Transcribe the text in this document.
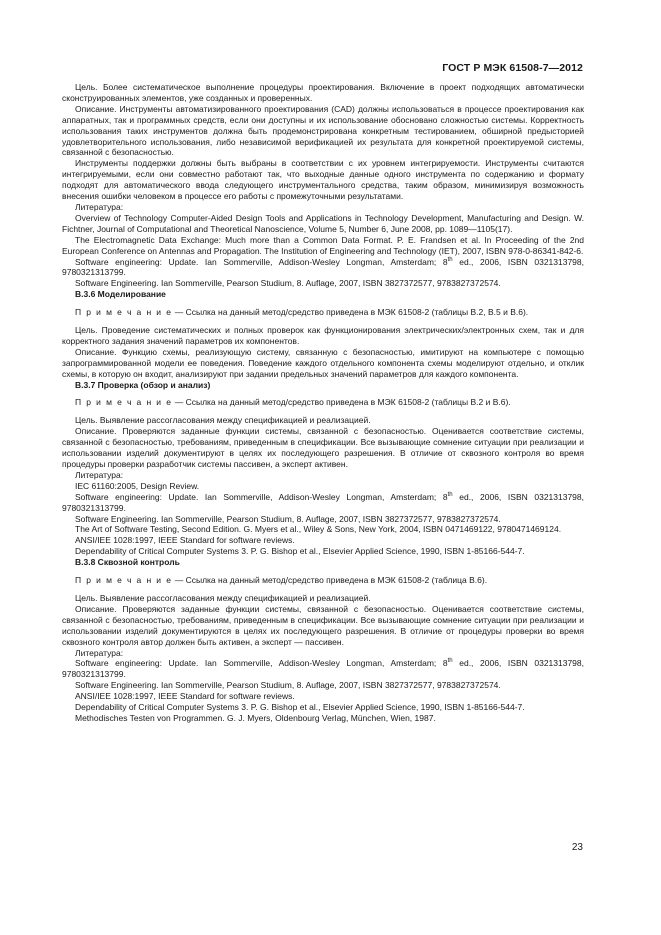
ГОСТ Р МЭК 61508-7—2012

Цель. Более систематическое выполнение процедуры проектирования. Включение в проект подходящих автоматически сконструированных элементов, уже созданных и проверенных.

Описание. Инструменты автоматизированного проектирования (CAD) должны использоваться в процессе проектирования как аппаратных, так и программных средств, если они доступны и их использование обосновано сложностью системы. Корректность использования таких инструментов должна быть продемонстрирована конкретным тестированием, обширной предысторией удовлетворительного использования, либо независимой верификацией их результата для конкретной проектируемой системы, связанной с безопасностью.

Инструменты поддержки должны быть выбраны в соответствии с их уровнем интегрируемости. Инструменты считаются интегрируемыми, если они совместно работают так, что выходные данные одного инструмента по содержанию и формату подходят для автоматического ввода следующего инструментального средства, таким образом, минимизируя возможность внесения ошибки человеком в процессе его работы с промежуточными результатами.

Литература:

Overview of Technology Computer-Aided Design Tools and Applications in Technology Development, Manufacturing and Design. W. Fichtner, Journal of Computational and Theoretical Nanoscience, Volume 5, Number 6, June 2008, pp. 1089—1105(17).

The Electromagnetic Data Exchange: Much more than a Common Data Format. P. E. Frandsen et al. In Proceeding of the 2nd European Conference on Antennas and Propagation. The Institution of Engineering and Technology (IET), 2007, ISBN 978-0-86341-842-6.

Software engineering: Update. Ian Sommerville, Addison-Wesley Longman, Amsterdam; 8th ed., 2006, ISBN 0321313798, 9780321313799.

Software Engineering. Ian Sommerville, Pearson Studium, 8. Auflage, 2007, ISBN 3827372577, 9783827372574.

B.3.6 Моделирование

П р и м е ч а н и е — Ссылка на данный метод/средство приведена в МЭК 61508-2 (таблицы B.2, B.5 и B.6).

Цель. Проведение систематических и полных проверок как функционирования электрических/электронных схем, так и для корректного задания значений параметров их компонентов.

Описание. Функцию схемы, реализующую систему, связанную с безопасностью, имитируют на компьютере с помощью запрограммированной модели ее поведения. Поведение каждого отдельного компонента схемы моделируют отдельно, и отклик схемы, в которую он входит, анализируют при задании предельных значений параметров для каждого компонента.

B.3.7 Проверка (обзор и анализ)

П р и м е ч а н и е — Ссылка на данный метод/средство приведена в МЭК 61508-2 (таблицы B.2 и B.6).

Цель. Выявление рассогласования между спецификацией и реализацией.

Описание. Проверяются заданные функции системы, связанной с безопасностью. Оценивается соответствие системы, связанной с безопасностью, требованиям, приведенным в спецификации. Все вызывающие сомнение ситуации при реализации и использовании изделий документируют в целях их последующего разрешения. В отличие от сквозного контроля во время процедуры проверки разработчик системы пассивен, а эксперт активен.

Литература:

IEC 61160:2005, Design Review.

Software engineering: Update. Ian Sommerville, Addison-Wesley Longman, Amsterdam; 8th ed., 2006, ISBN 0321313798, 9780321313799.

Software Engineering. Ian Sommerville, Pearson Studium, 8. Auflage, 2007, ISBN 3827372577, 9783827372574.

The Art of Software Testing, Second Edition. G. Myers et al., Wiley & Sons, New York, 2004, ISBN 0471469122, 9780471469124.

ANSI/IEE 1028:1997, IEEE Standard for software reviews.

Dependability of Critical Computer Systems 3. P. G. Bishop et al., Elsevier Applied Science, 1990, ISBN 1-85166-544-7.

B.3.8 Сквозной контроль

П р и м е ч а н и е — Ссылка на данный метод/средство приведена в МЭК 61508-2 (таблица B.6).

Цель. Выявление рассогласования между спецификацией и реализацией.

Описание. Проверяются заданные функции системы, связанной с безопасностью. Оценивается соответствие системы, связанной с безопасностью, требованиям, приведенным в спецификации. Все вызывающие сомнение ситуации при реализации и использовании изделий документируются в целях их последующего разрешения. В отличие от процедуры проверки во время сквозного контроля автор должен быть активен, а эксперт — пассивен.

Литература:

Software engineering: Update. Ian Sommerville, Addison-Wesley Longman, Amsterdam; 8th ed., 2006, ISBN 0321313798, 9780321313799.

Software Engineering. Ian Sommerville, Pearson Studium, 8. Auflage, 2007, ISBN 3827372577, 9783827372574.

ANSI/IEE 1028:1997, IEEE Standard for software reviews.

Dependability of Critical Computer Systems 3. P. G. Bishop et al., Elsevier Applied Science, 1990, ISBN 1-85166-544-7.

Methodisches Testen von Programmen. G. J. Myers, Oldenbourg Verlag, München, Wien, 1987.

23
